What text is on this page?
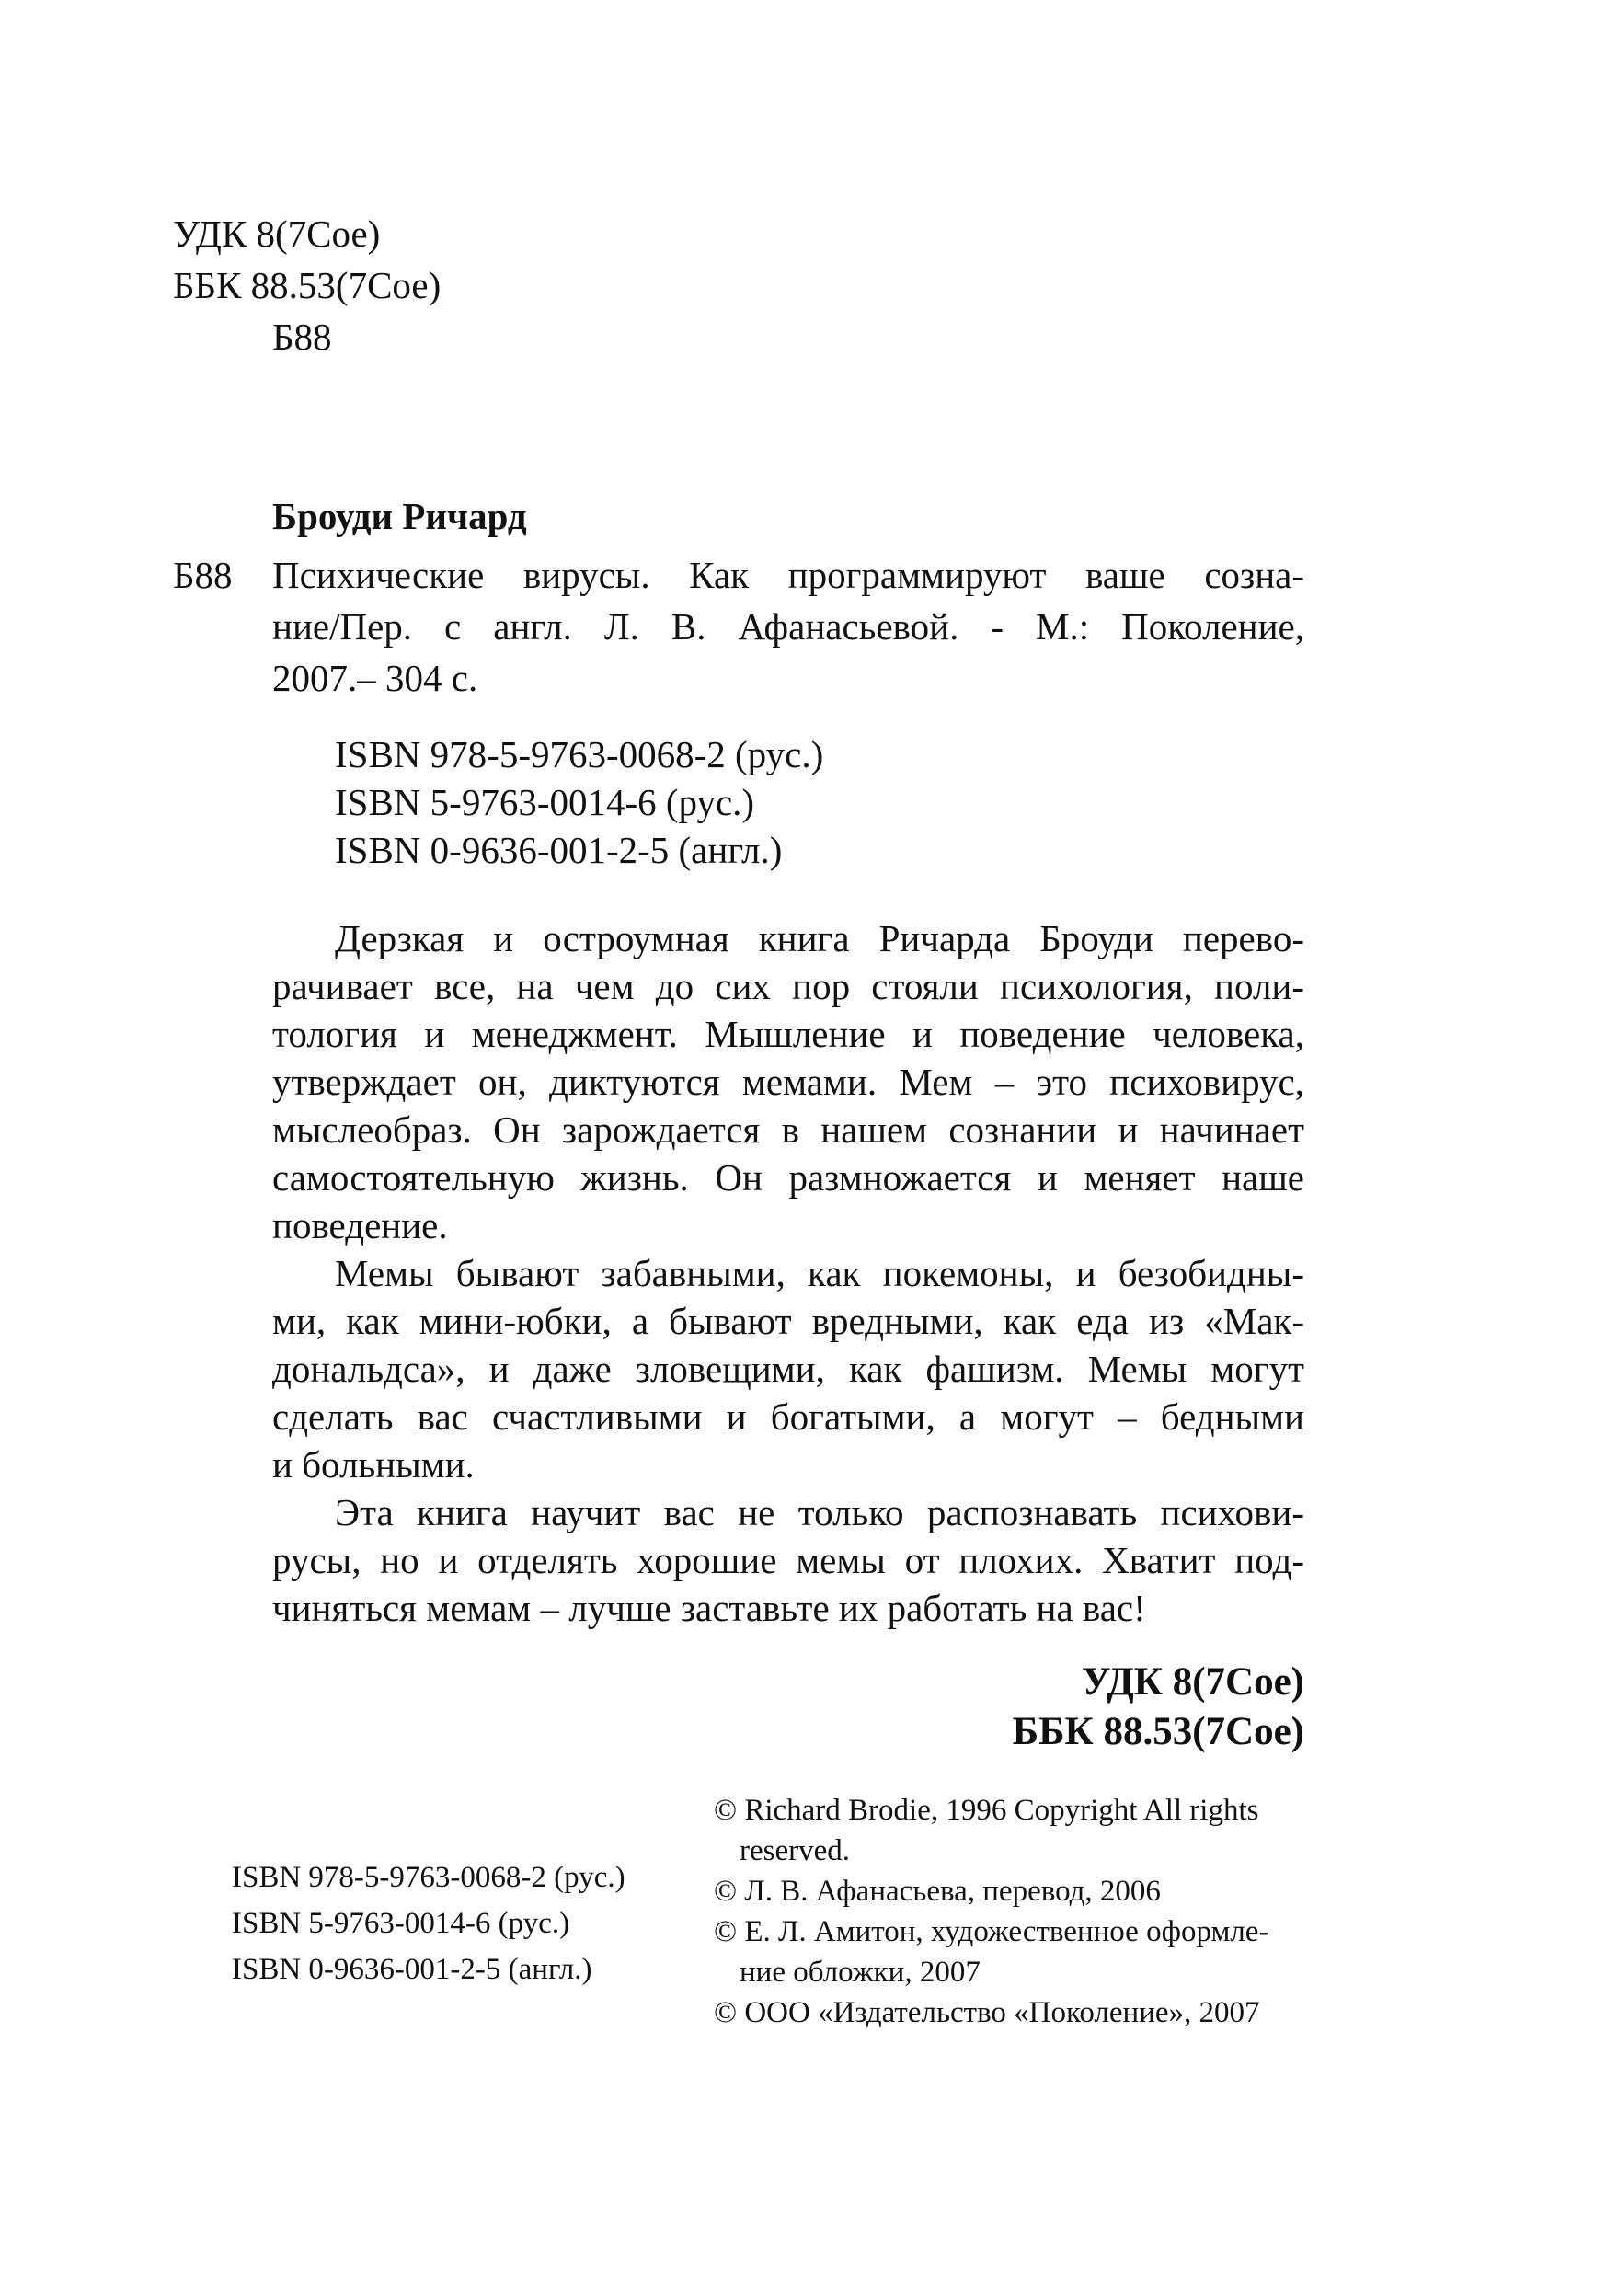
УДК 8(7Сое)
ББК 88.53(7Сое)
Б88
Броуди Ричард
Б88 Психические вирусы. Как программируют ваше созна-
ние/Пер. с англ. Л. В. Афанасьевой. - М.: Поколение,
2007.– 304 с.
ISBN 978-5-9763-0068-2 (рус.)
ISBN 5-9763-0014-6 (рус.)
ISBN 0-9636-001-2-5 (англ.)
Дерзкая и остроумная книга Ричарда Броуди перево-
рачивает все, на чем до сих пор стояли психология, поли-
тология и менеджмент. Мышление и поведение человека,
утверждает он, диктуются мемами. Мем – это психовирус,
мыслеобраз. Он зарождается в нашем сознании и начинает
самостоятельную жизнь. Он размножается и меняет наше
поведение.
Мемы бывают забавными, как покемоны, и безобидны-
ми, как мини-юбки, а бывают вредными, как еда из «Мак-
дональдса», и даже зловещими, как фашизм. Мемы могут
сделать вас счастливыми и богатыми, а могут – бедными
и больными.
Эта книга научит вас не только распознавать психови-
русы, но и отделять хорошие мемы от плохих. Хватит под-
чиняться мемам – лучше заставьте их работать на вас!
УДК 8(7Сое)
ББК 88.53(7Сое)
ISBN 978-5-9763-0068-2 (рус.)
ISBN 5-9763-0014-6 (рус.)
ISBN 0-9636-001-2-5 (англ.)
© Richard Brodie, 1996 Copyright All rights
reserved.
© Л. В. Афанасьева, перевод, 2006
© Е. Л. Амитон, художественное оформле-
ние обложки, 2007
© ООО «Издательство «Поколение», 2007
